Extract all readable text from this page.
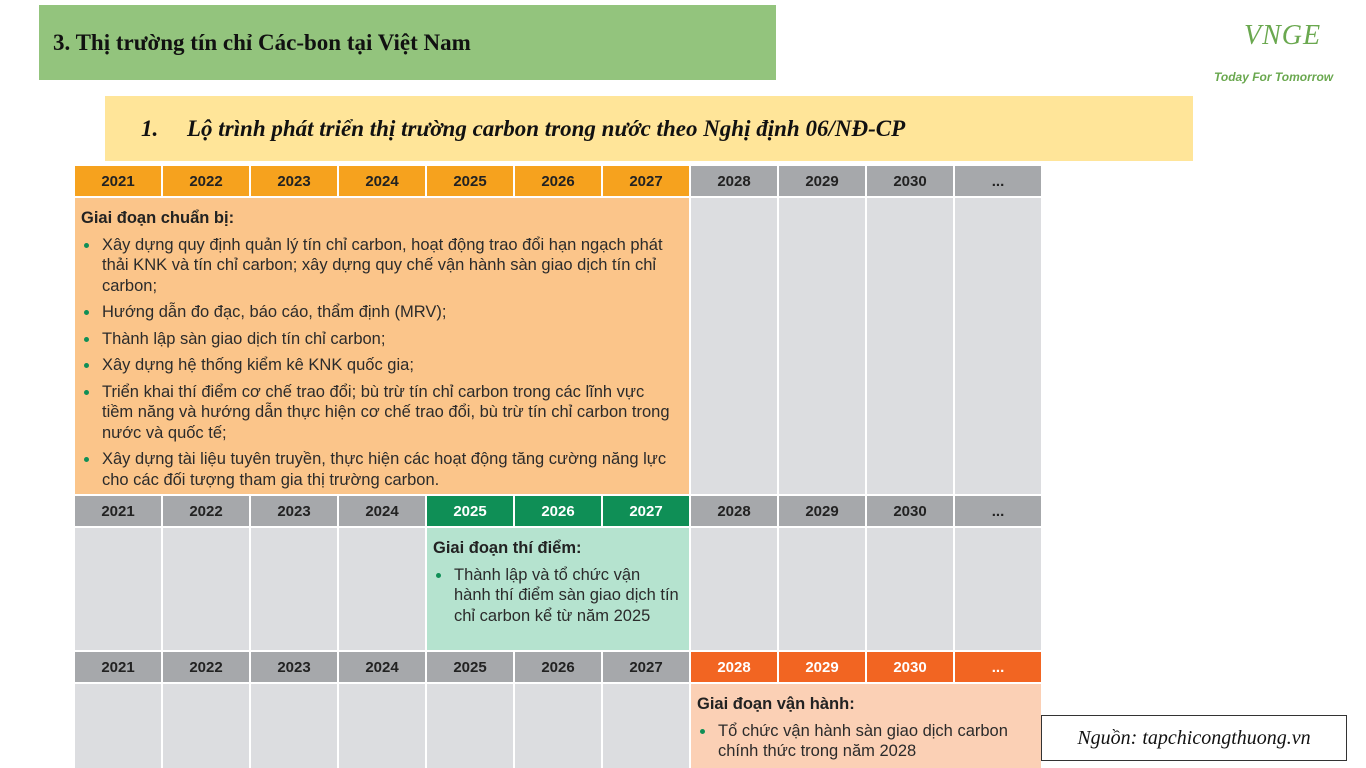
3. Thị trường tín chỉ Các-bon tại Việt Nam	VNGE
Today For Tomorrow
1.	Lộ trình phát triển thị trường carbon trong nước theo Nghị định 06/NĐ-CP
2021	2022	2023	2024	2025	2026	2027	2028	2029	2030	...
Giai đoạn chuẩn bị:
Xây dựng quy định quản lý tín chỉ carbon, hoạt động trao đổi hạn ngạch phát thải KNK và tín chỉ carbon; xây dựng quy chế vận hành sàn giao dịch tín chỉ carbon;
Hướng dẫn đo đạc, báo cáo, thẩm định (MRV);
Thành lập sàn giao dịch tín chỉ carbon;
Xây dựng hệ thống kiểm kê KNK quốc gia;
Triển khai thí điểm cơ chế trao đổi; bù trừ tín chỉ carbon trong các lĩnh vực tiềm năng và hướng dẫn thực hiện cơ chế trao đổi, bù trừ tín chỉ carbon trong nước và quốc tế;
Xây dựng tài liệu tuyên truyền, thực hiện các hoạt động tăng cường năng lực cho các đối tượng tham gia thị trường carbon.
2021	2022	2023	2024	2025	2026	2027	2028	2029	2030	...
Giai đoạn thí điểm:
Thành lập và tổ chức vận hành thí điểm sàn giao dịch tín chỉ carbon kể từ năm 2025
2021	2022	2023	2024	2025	2026	2027	2028	2029	2030	...
Giai đoạn vận hành:
Tổ chức vận hành sàn giao dịch carbon chính thức trong năm 2028
Nguồn: tapchicongthuong.vn
